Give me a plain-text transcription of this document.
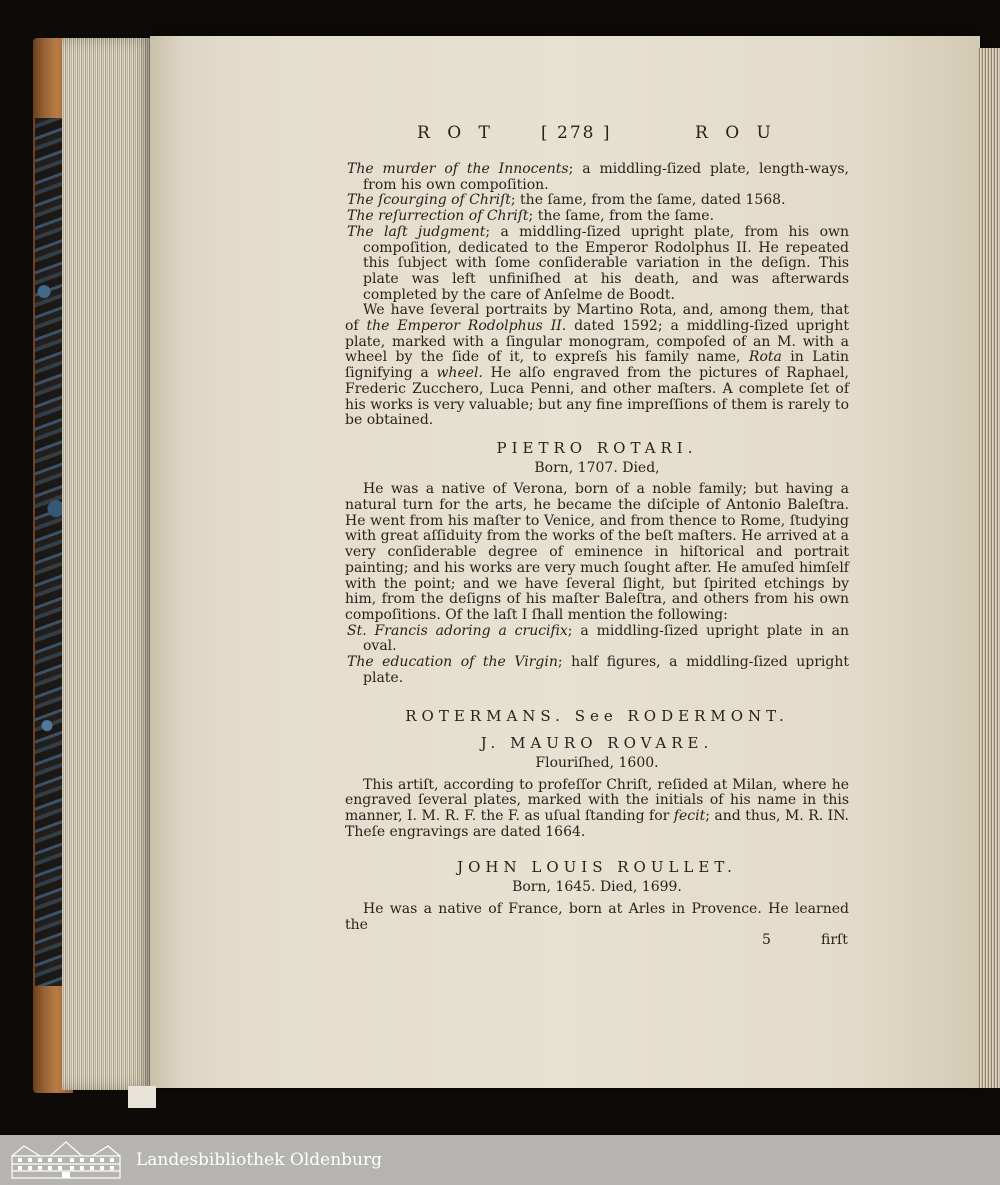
R O T	[ 278 ]	R O U

The murder of the Innocents; a middling-ſized plate, length-ways, from his own compoſition.

The ſcourging of Chriſt; the ſame, from the ſame, dated 1568.

The reſurrection of Chriſt; the ſame, from the ſame.

The laſt judgment; a middling-ſized upright plate, from his own compoſition, dedicated to the Emperor Rodolphus II. He repeated this ſubject with ſome conſiderable variation in the deſign. This plate was left unfiniſhed at his death, and was afterwards completed by the care of Anſelme de Boodt.

We have ſeveral portraits by Martino Rota, and, among them, that of the Emperor Rodolphus II. dated 1592; a middling-ſized upright plate, marked with a ſingular monogram, compoſed of an M. with a wheel by the ſide of it, to expreſs his family name, Rota in Latin ſignifying a wheel. He alſo engraved from the pictures of Raphael, Frederic Zucchero, Luca Penni, and other maſters. A complete ſet of his works is very valuable; but any fine impreſſions of them is rarely to be obtained.

PIETRO ROTARI.
Born, 1707. Died,

He was a native of Verona, born of a noble family; but having a natural turn for the arts, he became the diſciple of Antonio Baleſtra. He went from his maſter to Venice, and from thence to Rome, ſtudying with great aſſiduity from the works of the beſt maſters. He arrived at a very conſiderable degree of eminence in hiſtorical and portrait painting; and his works are very much ſought after. He amuſed himſelf with the point; and we have ſeveral ſlight, but ſpirited etchings by him, from the deſigns of his maſter Baleſtra, and others from his own compoſitions. Of the laſt I ſhall mention the following:

St. Francis adoring a crucifix; a middling-ſized upright plate in an oval.

The education of the Virgin; half figures, a middling-ſized upright plate.

ROTERMANS. See RODERMONT.
J. MAURO ROVARE.
Flouriſhed, 1600.

This artiſt, according to profeſſor Chriſt, reſided at Milan, where he engraved ſeveral plates, marked with the initials of his name in this manner, I. M. R. F. the F. as uſual ſtanding for fecit; and thus, M. R. IN. Theſe engravings are dated 1664.

JOHN LOUIS ROULLET.
Born, 1645. Died, 1699.

He was a native of France, born at Arles in Provence. He learned the

5	firſt
Landesbibliothek Oldenburg
